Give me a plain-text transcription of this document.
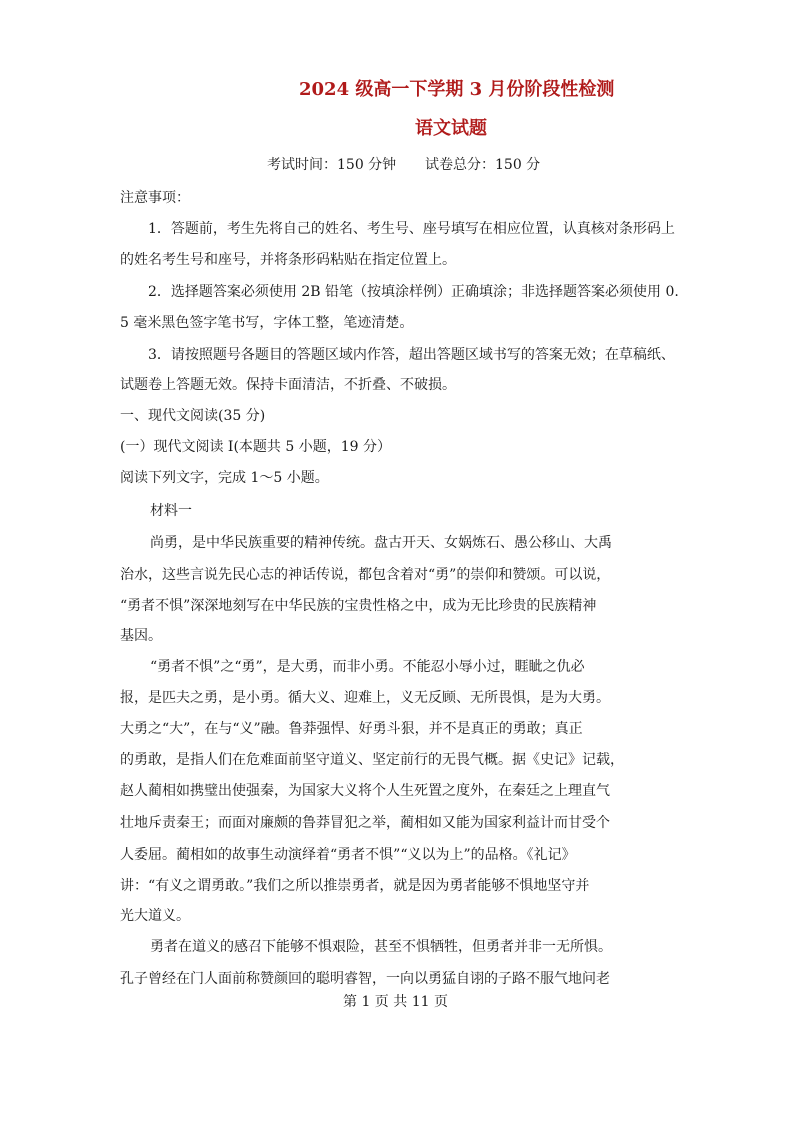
2024 级高一下学期 3 月份阶段性检测
语文试题
考试时间：150 分钟 试卷总分：150 分
注意事项：
1．答题前，考生先将自己的姓名、考生号、座号填写在相应位置，认真核对条形码上
的姓名考生号和座号，并将条形码粘贴在指定位置上。
2．选择题答案必须使用 2B 铅笔（按填涂样例）正确填涂；非选择题答案必须使用 0.
5 毫米黑色签字笔书写，字体工整，笔迹清楚。
3．请按照题号各题目的答题区域内作答，超出答题区域书写的答案无效；在草稿纸、
试题卷上答题无效。保持卡面清洁，不折叠、不破损。
一、现代文阅读(35 分)
(一）现代文阅读 I(本题共 5 小题，19 分）
阅读下列文字，完成 1～5 小题。
材料一
尚勇，是中华民族重要的精神传统。盘古开天、女娲炼石、愚公移山、大禹
治水，这些言说先民心志的神话传说，都包含着对“勇”的崇仰和赞颂。可以说，
“勇者不惧”深深地刻写在中华民族的宝贵性格之中，成为无比珍贵的民族精神
基因。
“勇者不惧”之“勇”，是大勇，而非小勇。不能忍小辱小过，睚眦之仇必
报，是匹夫之勇，是小勇。循大义、迎难上，义无反顾、无所畏惧，是为大勇。
大勇之“大”，在与“义”融。鲁莽强悍、好勇斗狠，并不是真正的勇敢；真正
的勇敢，是指人们在危难面前坚守道义、坚定前行的无畏气概。据《史记》记载，
赵人蔺相如携璧出使强秦，为国家大义将个人生死置之度外，在秦廷之上理直气
壮地斥责秦王；而面对廉颇的鲁莽冒犯之举，蔺相如又能为国家利益计而甘受个
人委屈。蔺相如的故事生动演绎着“勇者不惧”“义以为上”的品格。《礼记》
讲：“有义之谓勇敢。”我们之所以推崇勇者，就是因为勇者能够不惧地坚守并
光大道义。
勇者在道义的感召下能够不惧艰险，甚至不惧牺牲，但勇者并非一无所惧。
孔子曾经在门人面前称赞颜回的聪明睿智，一向以勇猛自诩的子路不服气地问老
第 1 页 共 11 页
